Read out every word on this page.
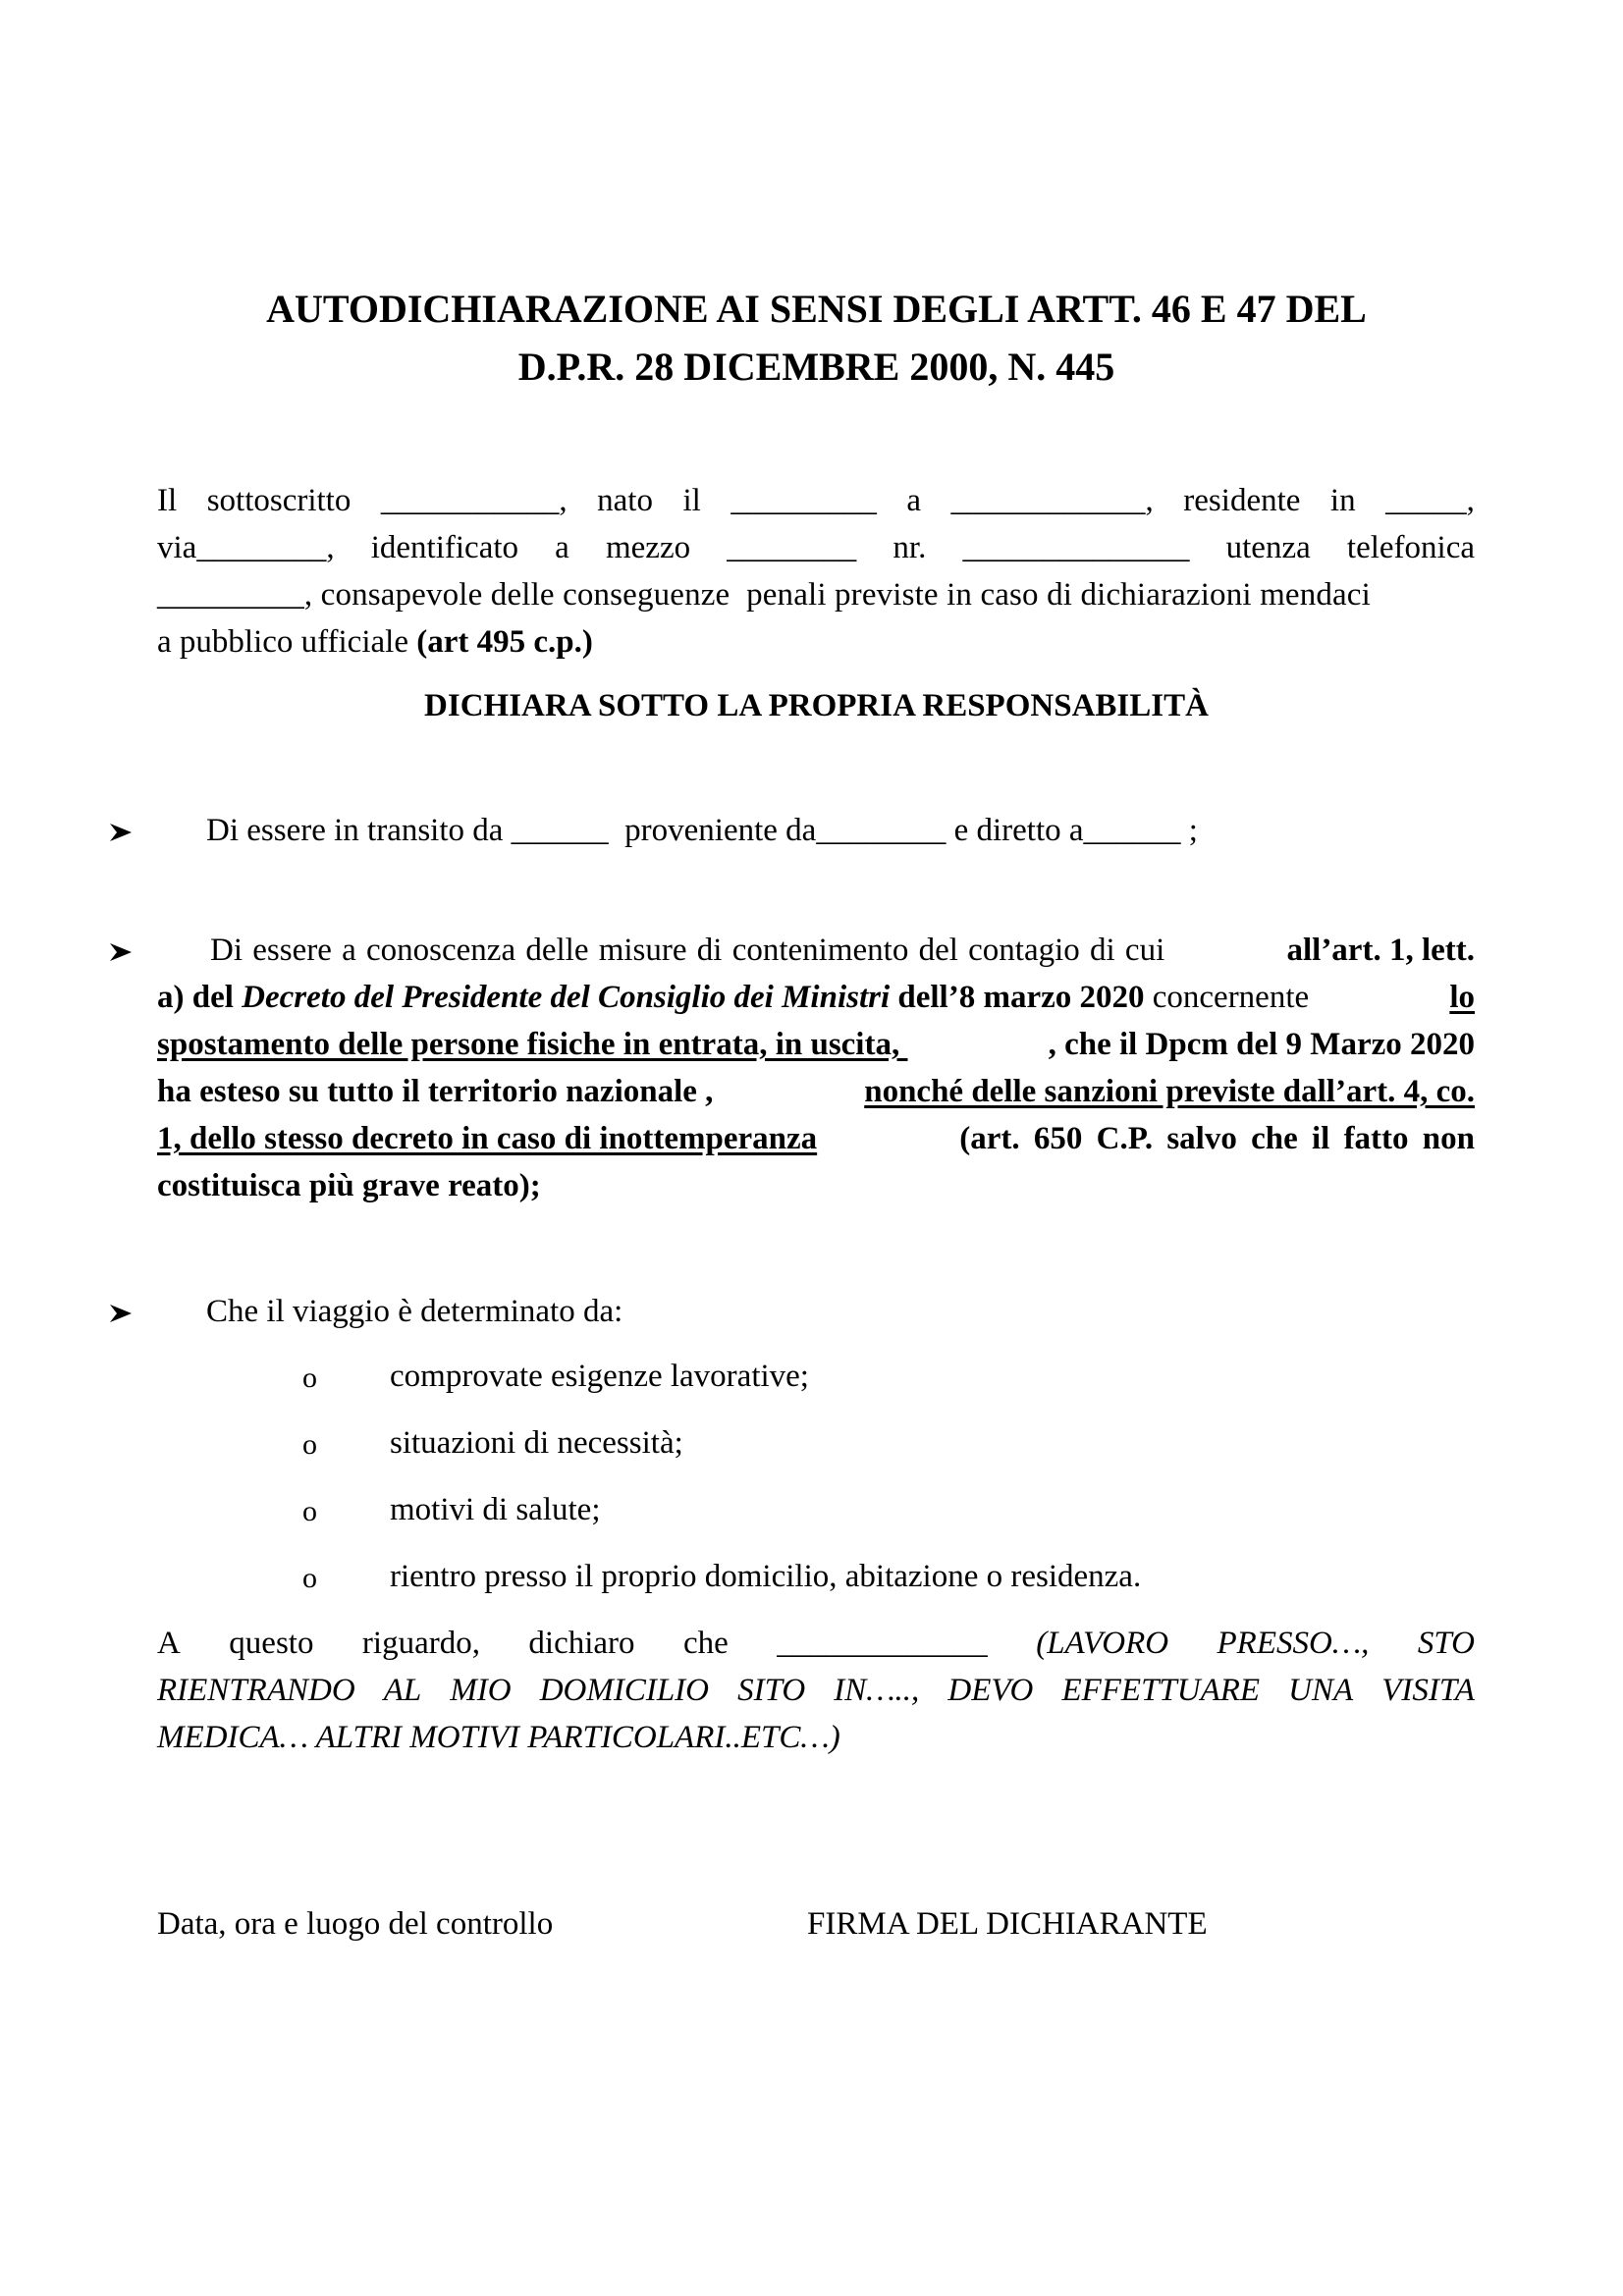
AUTODICHIARAZIONE AI SENSI DEGLI ARTT. 46 E 47 DEL
D.P.R. 28 DICEMBRE 2000, N. 445
Il sottoscritto ___________, nato il _________ a ____________, residente in _____,
via________, identificato a mezzo ________ nr. ______________ utenza telefonica
_________, consapevole delle conseguenze  penali previste in caso di dichiarazioni mendaci
a pubblico ufficiale (art 495 c.p.)
DICHIARA SOTTO LA PROPRIA RESPONSABILITÀ
Di essere in transito da ______  proveniente da________ e diretto a______ ;
Di essere a conoscenza delle misure di contenimento del contagio di cui	all’art. 1, lett.
a) del Decreto del Presidente del Consiglio dei Ministri dell’8 marzo 2020 concernente	lo
spostamento delle persone fisiche in entrata, in uscita,	, che il Dpcm del 9 Marzo 2020
ha esteso su tutto il territorio nazionale ,	nonché delle sanzioni previste dall’art. 4, co.
1, dello stesso decreto in caso di inottemperanza	(art. 650 C.P. salvo che il fatto non
costituisca più grave reato);
Che il viaggio è determinato da:
o comprovate esigenze lavorative;
o situazioni di necessità;
o motivi di salute;
o rientro presso il proprio domicilio, abitazione o residenza.
A questo riguardo, dichiaro che _____________ (LAVORO PRESSO…, STO
RIENTRANDO AL MIO DOMICILIO SITO IN….., DEVO EFFETTUARE UNA VISITA
MEDICA… ALTRI MOTIVI PARTICOLARI..ETC…)
Data, ora e luogo del controllo	FIRMA DEL DICHIARANTE
